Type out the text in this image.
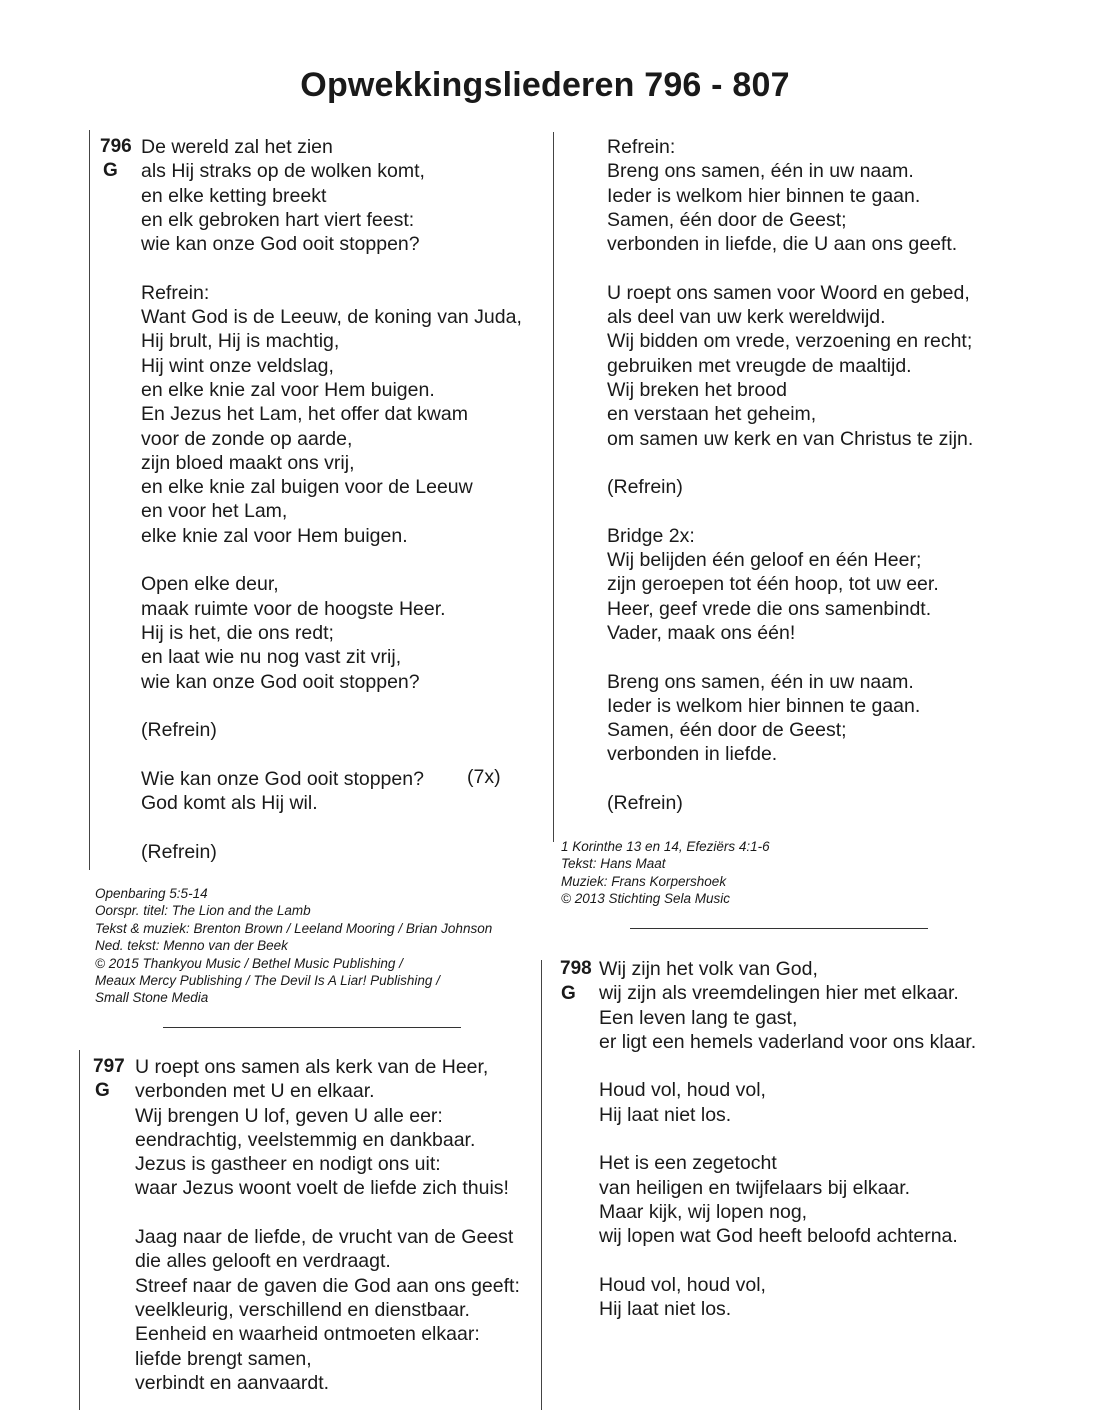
Opwekkingsliederen 796 - 807
796
G
De wereld zal het zien
als Hij straks op de wolken komt,
en elke ketting breekt
en elk gebroken hart viert feest:
wie kan onze God ooit stoppen?
Refrein:
Want God is de Leeuw, de koning van Juda,
Hij brult, Hij is machtig,
Hij wint onze veldslag,
en elke knie zal voor Hem buigen.
En Jezus het Lam, het offer dat kwam
voor de zonde op aarde,
zijn bloed maakt ons vrij,
en elke knie zal buigen voor de Leeuw
en voor het Lam,
elke knie zal voor Hem buigen.
Open elke deur,
maak ruimte voor de hoogste Heer.
Hij is het, die ons redt;
en laat wie nu nog vast zit vrij,
wie kan onze God ooit stoppen?
(Refrein)
Wie kan onze God ooit stoppen?
God komt als Hij wil.
(Refrein)
(7x)
Openbaring 5:5-14
Oorspr. titel: The Lion and the Lamb
Tekst & muziek: Brenton Brown / Leeland Mooring / Brian Johnson
Ned. tekst: Menno van der Beek
© 2015 Thankyou Music / Bethel Music Publishing /
Meaux Mercy Publishing / The Devil Is A Liar! Publishing /
Small Stone Media
797
G
U roept ons samen als kerk van de Heer,
verbonden met U en elkaar.
Wij brengen U lof, geven U alle eer:
eendrachtig, veelstemmig en dankbaar.
Jezus is gastheer en nodigt ons uit:
waar Jezus woont voelt de liefde zich thuis!
Jaag naar de liefde, de vrucht van de Geest
die alles gelooft en verdraagt.
Streef naar de gaven die God aan ons geeft:
veelkleurig, verschillend en dienstbaar.
Eenheid en waarheid ontmoeten elkaar:
liefde brengt samen,
verbindt en aanvaardt.
Refrein:
Breng ons samen, één in uw naam.
Ieder is welkom hier binnen te gaan.
Samen, één door de Geest;
verbonden in liefde, die U aan ons geeft.
U roept ons samen voor Woord en gebed,
als deel van uw kerk wereldwijd.
Wij bidden om vrede, verzoening en recht;
gebruiken met vreugde de maaltijd.
Wij breken het brood
en verstaan het geheim,
om samen uw kerk en van Christus te zijn.
(Refrein)
Bridge 2x:
Wij belijden één geloof en één Heer;
zijn geroepen tot één hoop, tot uw eer.
Heer, geef vrede die ons samenbindt.
Vader, maak ons één!
Breng ons samen, één in uw naam.
Ieder is welkom hier binnen te gaan.
Samen, één door de Geest;
verbonden in liefde.
(Refrein)
1 Korinthe 13 en 14, Efeziërs 4:1-6
Tekst: Hans Maat
Muziek: Frans Korpershoek
© 2013 Stichting Sela Music
798
G
Wij zijn het volk van God,
wij zijn als vreemdelingen hier met elkaar.
Een leven lang te gast,
er ligt een hemels vaderland voor ons klaar.
Houd vol, houd vol,
Hij laat niet los.
Het is een zegetocht
van heiligen en twijfelaars bij elkaar.
Maar kijk, wij lopen nog,
wij lopen wat God heeft beloofd achterna.
Houd vol, houd vol,
Hij laat niet los.
